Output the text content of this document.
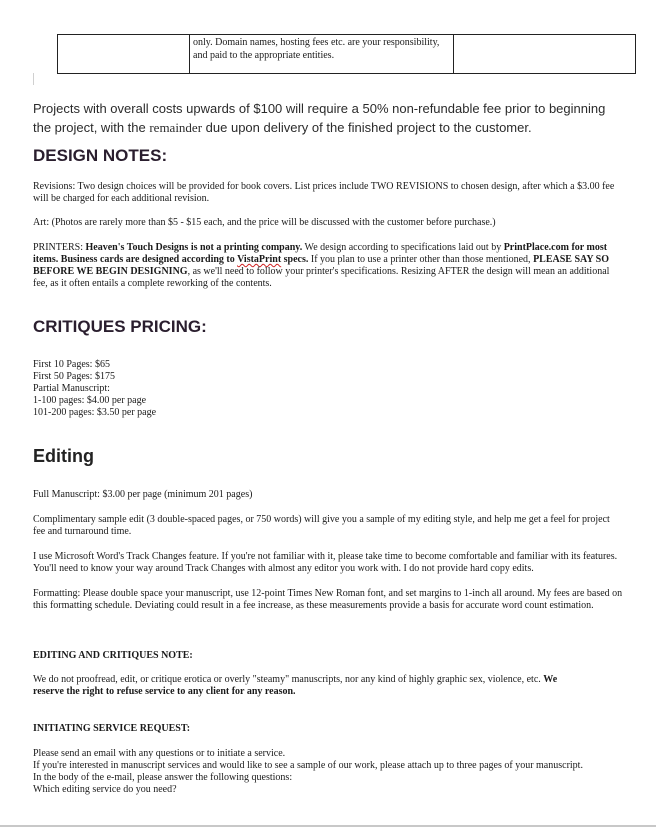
	only. Domain names, hosting fees etc. are your responsibility, and paid to the appropriate entities.	
Projects with overall costs upwards of $100 will require a 50% non-refundable fee prior to beginning the project, with the remainder due upon delivery of the finished project to the customer.
DESIGN NOTES:

Revisions: Two design choices will be provided for book covers. List prices include TWO REVISIONS to chosen design, after which a $3.00 fee will be charged for each additional revision.

Art: (Photos are rarely more than $5 - $15 each, and the price will be discussed with the customer before purchase.)

PRINTERS: Heaven's Touch Designs is not a printing company. We design according to specifications laid out by PrintPlace.com for most items. Business cards are designed according to VistaPrint specs. If you plan to use a printer other than those mentioned, PLEASE SAY SO BEFORE WE BEGIN DESIGNING, as we'll need to follow your printer's specifications. Resizing AFTER the design will mean an additional fee, as it often entails a complete reworking of the contents.

CRITIQUES PRICING:
First 10 Pages: $65
First 50 Pages: $175
Partial Manuscript:
1-100 pages: $4.00 per page
101-200 pages: $3.50 per page
Editing

Full Manuscript: $3.00 per page (minimum 201 pages)

Complimentary sample edit (3 double-spaced pages, or 750 words) will give you a sample of my editing style, and help me get a feel for project fee and turnaround time.

I use Microsoft Word's Track Changes feature. If you're not familiar with it, please take time to become comfortable and familiar with its features. You'll need to know your way around Track Changes with almost any editor you work with. I do not provide hard copy edits.

Formatting: Please double space your manuscript, use 12-point Times New Roman font, and set margins to 1-inch all around. My fees are based on this formatting schedule. Deviating could result in a fee increase, as these measurements provide a basis for accurate word count estimation.

EDITING AND CRITIQUES NOTE:

We do not proofread, edit, or critique erotica or overly "steamy" manuscripts, nor any kind of highly graphic sex, violence, etc. We reserve the right to refuse service to any client for any reason.

INITIATING SERVICE REQUEST:
Please send an email with any questions or to initiate a service.
If you're interested in manuscript services and would like to see a sample of our work, please attach up to three pages of your manuscript. In the body of the e-mail, please answer the following questions:
Which editing service do you need?
